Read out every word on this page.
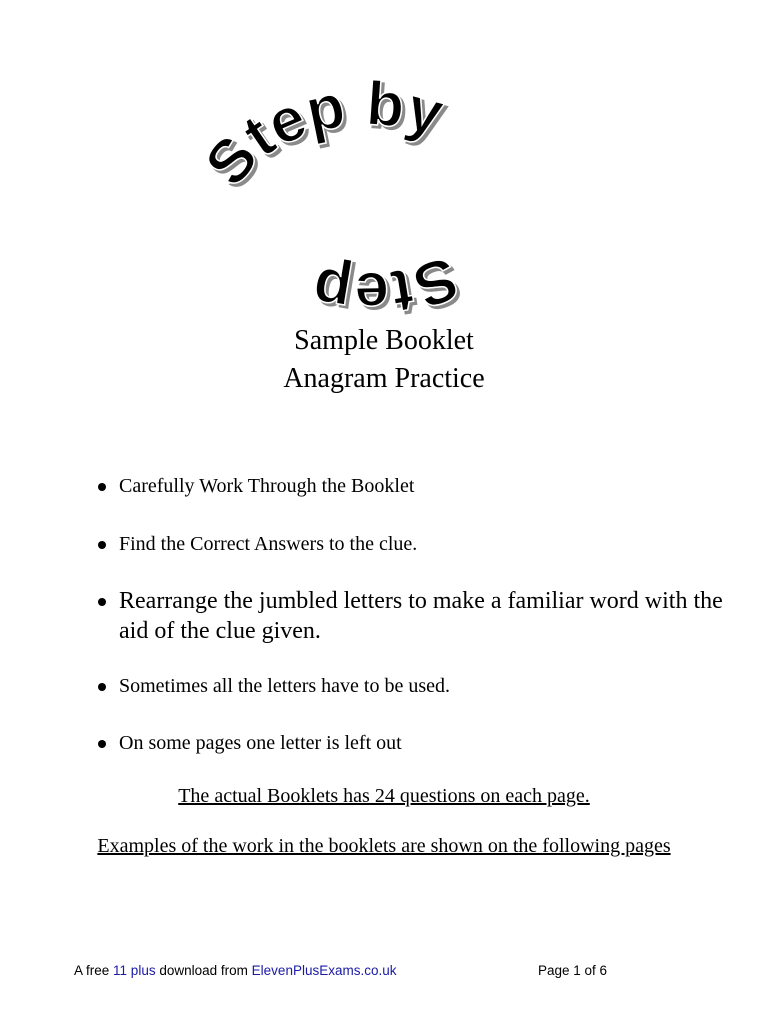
Step by
Step
Sample Booklet
Anagram Practice
Carefully Work Through the Booklet
Find the Correct Answers to the clue.
Rearrange the jumbled letters to make a familiar word with the aid of the clue given.
Sometimes all the letters have to be used.
On some pages one letter is left out
The actual Booklets has 24 questions on each page.
Examples of the work in the booklets are shown on the following pages
A free 11 plus download from ElevenPlusExams.co.uk	Page 1 of 6
